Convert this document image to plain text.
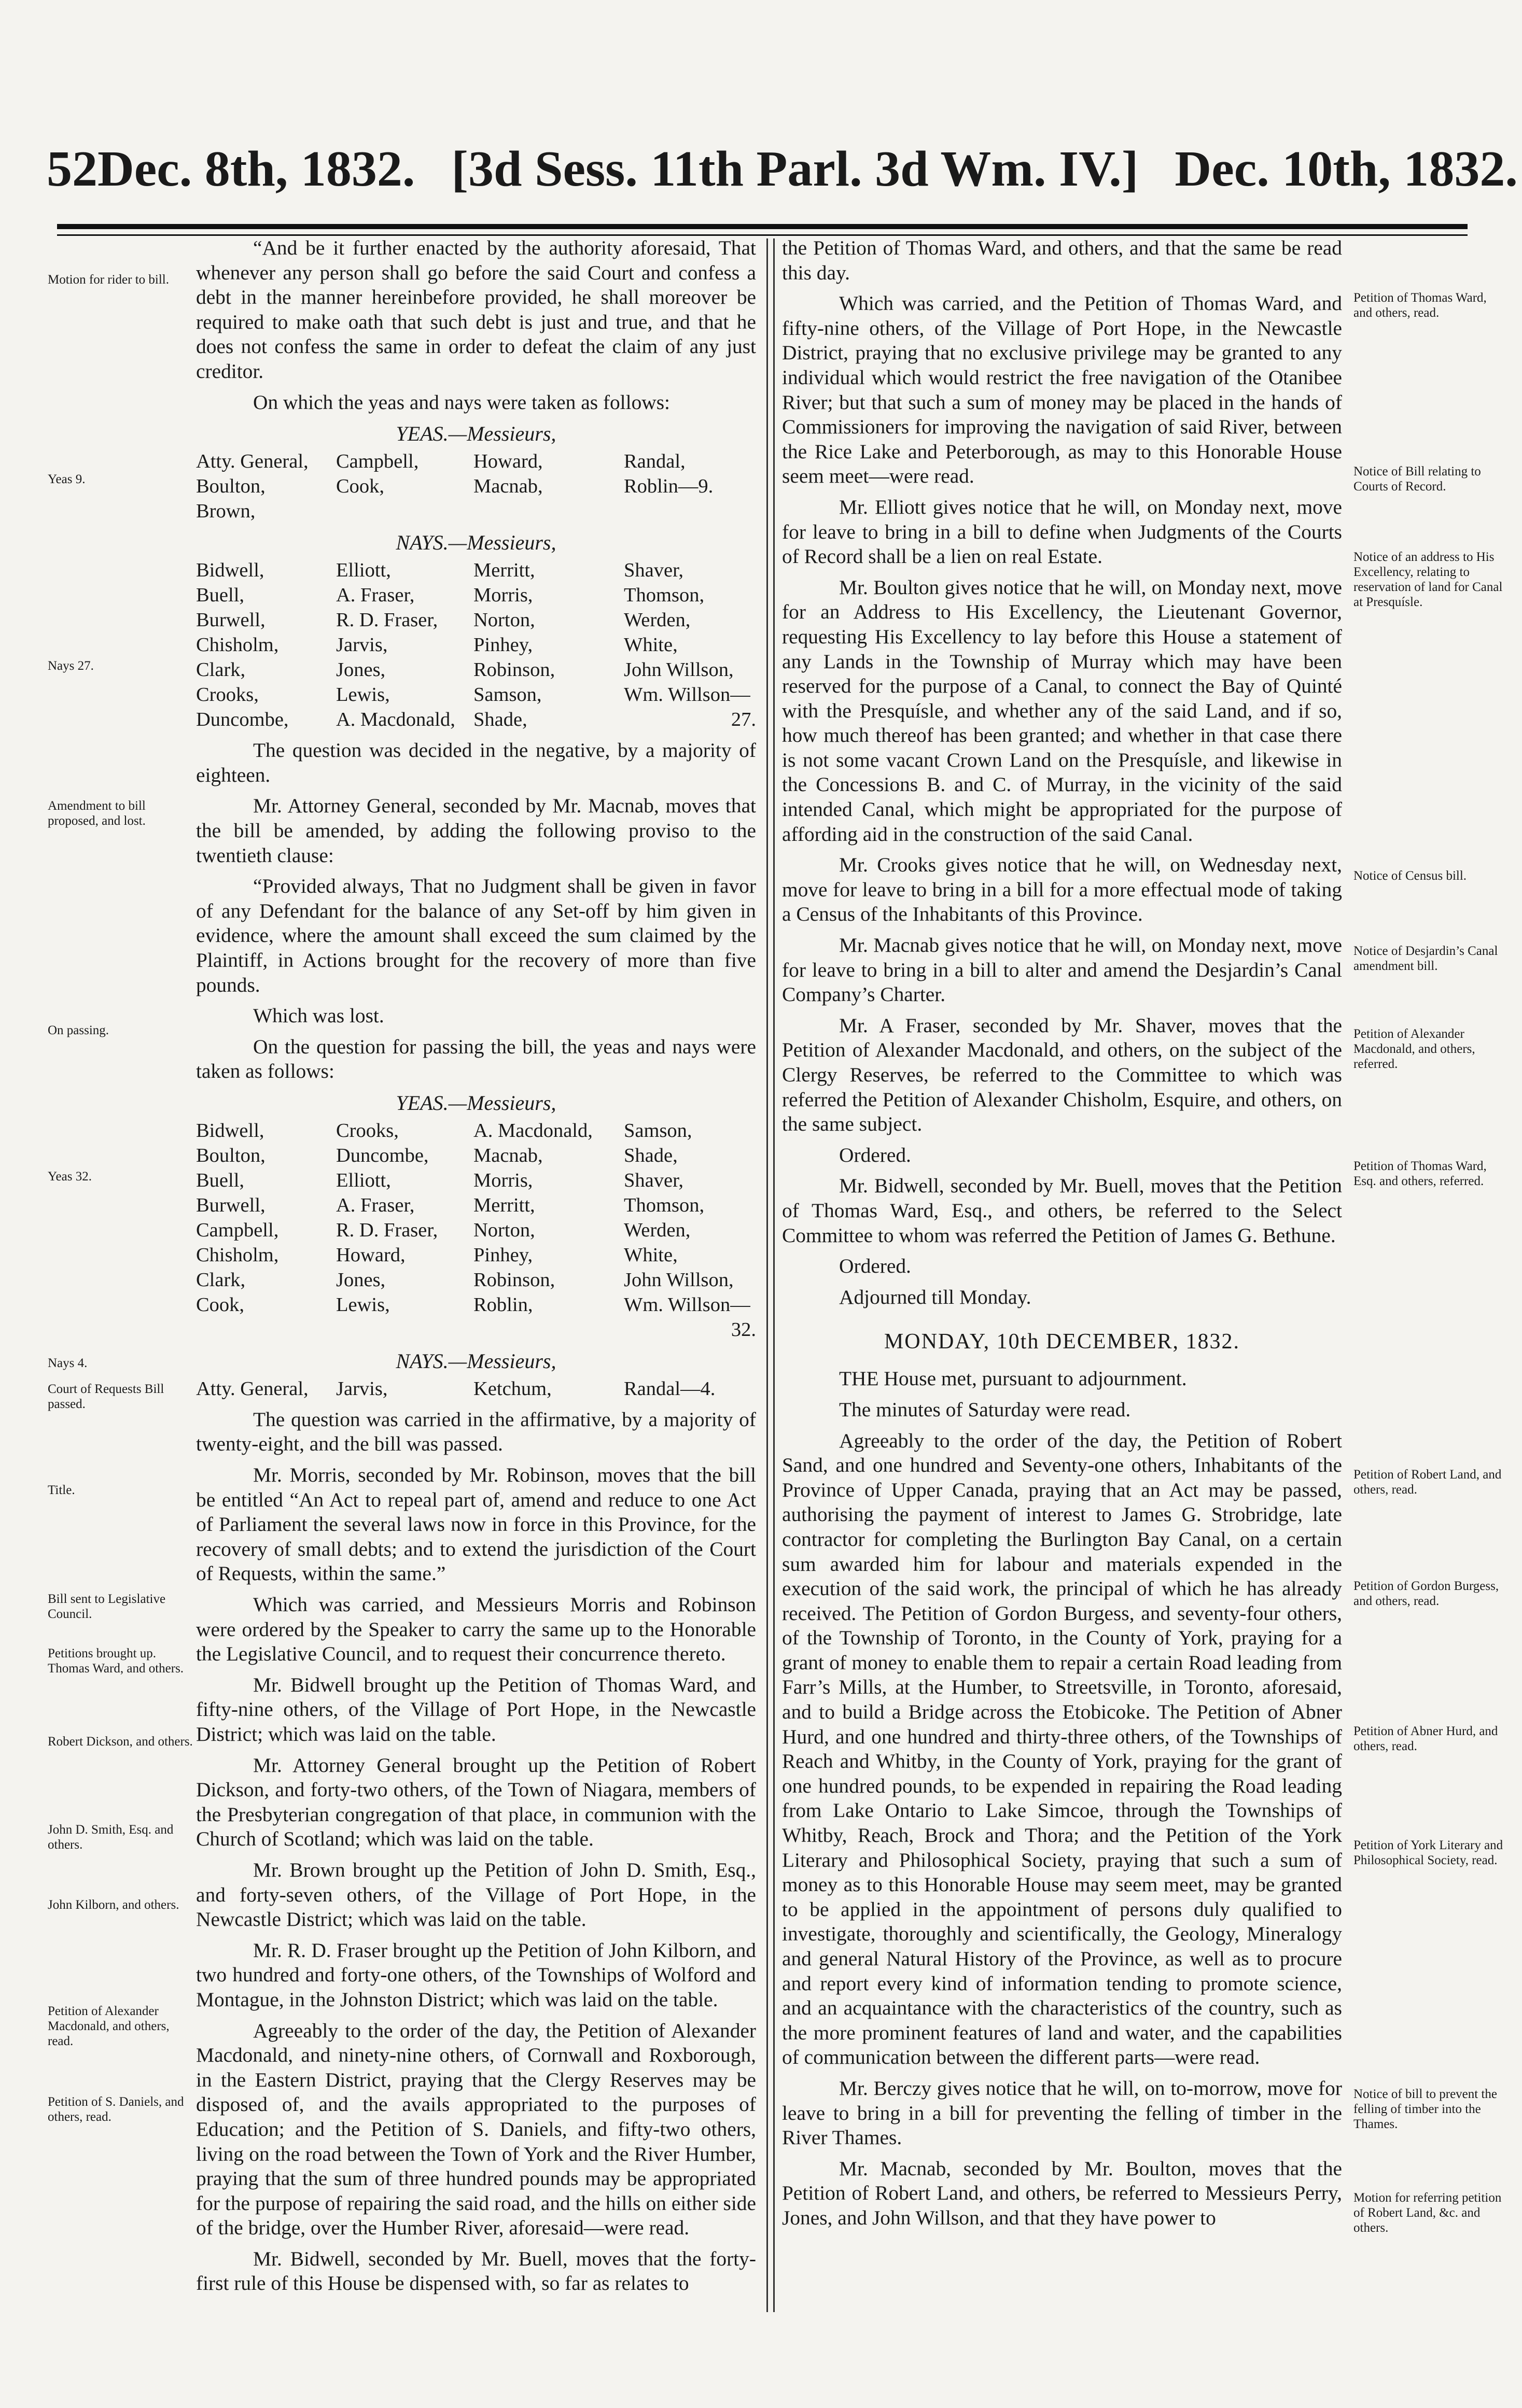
52 Dec. 8th, 1832. [3d Sess. 11th Parl. 3d Wm. IV.] Dec. 10th, 1832.
Motion for rider to bill.
Yeas 9.
Nays 27.
Amendment to bill proposed, and lost.
On passing.
Yeas 32.
Nays 4.
Court of Requests Bill passed.
Title.
Bill sent to Legislative Council.
Petitions brought up. Thomas Ward, and others.
Robert Dickson, and others.
John D. Smith, Esq. and others.
John Kilborn, and others.
Petition of Alexander Macdonald, and others, read.
Petition of S. Daniels, and others, read.

“And be it further enacted by the authority aforesaid, That whenever any person shall go before the said Court and confess a debt in the manner hereinbefore provided, he shall moreover be required to make oath that such debt is just and true, and that he does not confess the same in order to defeat the claim of any just creditor.

On which the yeas and nays were taken as follows:

YEAS.—Messieurs,
Atty. General,	Campbell,	Howard,	Randal,
Boulton,	Cook,	Macnab,	Roblin—9.
Brown,
NAYS.—Messieurs,
Bidwell,	Elliott,	Merritt,	Shaver,
Buell,	A. Fraser,	Morris,	Thomson,
Burwell,	R. D. Fraser,	Norton,	Werden,
Chisholm,	Jarvis,	Pinhey,	White,
Clark,	Jones,	Robinson,	John Willson,
Crooks,	Lewis,	Samson,	Wm. Willson—
Duncombe,	A. Macdonald, Shade,	27.

The question was decided in the negative, by a majority of eighteen.

Mr. Attorney General, seconded by Mr. Macnab, moves that the bill be amended, by adding the following proviso to the twentieth clause:

“Provided always, That no Judgment shall be given in favor of any Defendant for the balance of any Set-off by him given in evidence, where the amount shall exceed the sum claimed by the Plaintiff, in Actions brought for the recovery of more than five pounds.

Which was lost.

On the question for passing the bill, the yeas and nays were taken as follows:

YEAS.—Messieurs,
Bidwell,	Crooks,	A. Macdonald,	Samson,
Boulton,	Duncombe,	Macnab,	Shade,
Buell,	Elliott,	Morris,	Shaver,
Burwell,	A. Fraser,	Merritt,	Thomson,
Campbell,	R. D. Fraser,	Norton,	Werden,
Chisholm,	Howard,	Pinhey,	White,
Clark,	Jones,	Robinson,	John Willson,
Cook,	Lewis,	Roblin,	Wm. Willson—
32.
NAYS.—Messieurs,
Atty. General,	Jarvis,	Ketchum,	Randal—4.

The question was carried in the affirmative, by a majority of twenty-eight, and the bill was passed.

Mr. Morris, seconded by Mr. Robinson, moves that the bill be entitled “An Act to repeal part of, amend and reduce to one Act of Parliament the several laws now in force in this Province, for the recovery of small debts; and to extend the jurisdiction of the Court of Requests, within the same.”

Which was carried, and Messieurs Morris and Robinson were ordered by the Speaker to carry the same up to the Honorable the Legislative Council, and to request their concurrence thereto.

Mr. Bidwell brought up the Petition of Thomas Ward, and fifty-nine others, of the Village of Port Hope, in the Newcastle District; which was laid on the table.

Mr. Attorney General brought up the Petition of Robert Dickson, and forty-two others, of the Town of Niagara, members of the Presbyterian congregation of that place, in communion with the Church of Scotland; which was laid on the table.

Mr. Brown brought up the Petition of John D. Smith, Esq., and forty-seven others, of the Village of Port Hope, in the Newcastle District; which was laid on the table.

Mr. R. D. Fraser brought up the Petition of John Kilborn, and two hundred and forty-one others, of the Townships of Wolford and Montague, in the Johnston District; which was laid on the table.

Agreeably to the order of the day, the Petition of Alexander Macdonald, and ninety-nine others, of Cornwall and Roxborough, in the Eastern District, praying that the Clergy Reserves may be disposed of, and the avails appropriated to the purposes of Education; and the Petition of S. Daniels, and fifty-two others, living on the road between the Town of York and the River Humber, praying that the sum of three hundred pounds may be appropriated for the purpose of repairing the said road, and the hills on either side of the bridge, over the Humber River, aforesaid—were read.

Mr. Bidwell, seconded by Mr. Buell, moves that the forty-first rule of this House be dispensed with, so far as relates to

the Petition of Thomas Ward, and others, and that the same be read this day.

Which was carried, and the Petition of Thomas Ward, and fifty-nine others, of the Village of Port Hope, in the Newcastle District, praying that no exclusive privilege may be granted to any individual which would restrict the free navigation of the Otanibee River; but that such a sum of money may be placed in the hands of Commissioners for improving the navigation of said River, between the Rice Lake and Peterborough, as may to this Honorable House seem meet—were read.

Mr. Elliott gives notice that he will, on Monday next, move for leave to bring in a bill to define when Judgments of the Courts of Record shall be a lien on real Estate.

Mr. Boulton gives notice that he will, on Monday next, move for an Address to His Excellency, the Lieutenant Governor, requesting His Excellency to lay before this House a statement of any Lands in the Township of Murray which may have been reserved for the purpose of a Canal, to connect the Bay of Quinté with the Presquísle, and whether any of the said Land, and if so, how much thereof has been granted; and whether in that case there is not some vacant Crown Land on the Presquísle, and likewise in the Concessions B. and C. of Murray, in the vicinity of the said intended Canal, which might be appropriated for the purpose of affording aid in the construction of the said Canal.

Mr. Crooks gives notice that he will, on Wednesday next, move for leave to bring in a bill for a more effectual mode of taking a Census of the Inhabitants of this Province.

Mr. Macnab gives notice that he will, on Monday next, move for leave to bring in a bill to alter and amend the Desjardin’s Canal Company’s Charter.

Mr. A Fraser, seconded by Mr. Shaver, moves that the Petition of Alexander Macdonald, and others, on the subject of the Clergy Reserves, be referred to the Committee to which was referred the Petition of Alexander Chisholm, Esquire, and others, on the same subject.

Ordered.

Mr. Bidwell, seconded by Mr. Buell, moves that the Petition of Thomas Ward, Esq., and others, be referred to the Select Committee to whom was referred the Petition of James G. Bethune.

Ordered.

Adjourned till Monday.

MONDAY, 10th DECEMBER, 1832.

THE House met, pursuant to adjournment.

The minutes of Saturday were read.

Agreeably to the order of the day, the Petition of Robert Sand, and one hundred and Seventy-one others, Inhabitants of the Province of Upper Canada, praying that an Act may be passed, authorising the payment of interest to James G. Strobridge, late contractor for completing the Burlington Bay Canal, on a certain sum awarded him for labour and materials expended in the execution of the said work, the principal of which he has already received. The Petition of Gordon Burgess, and seventy-four others, of the Township of Toronto, in the County of York, praying for a grant of money to enable them to repair a certain Road leading from Farr’s Mills, at the Humber, to Streetsville, in Toronto, aforesaid, and to build a Bridge across the Etobicoke. The Petition of Abner Hurd, and one hundred and thirty-three others, of the Townships of Reach and Whitby, in the County of York, praying for the grant of one hundred pounds, to be expended in repairing the Road leading from Lake Ontario to Lake Simcoe, through the Townships of Whitby, Reach, Brock and Thora; and the Petition of the York Literary and Philosophical Society, praying that such a sum of money as to this Honorable House may seem meet, may be granted to be applied in the appointment of persons duly qualified to investigate, thoroughly and scientifically, the Geology, Mineralogy and general Natural History of the Province, as well as to procure and report every kind of information tending to promote science, and an acquaintance with the characteristics of the country, such as the more prominent features of land and water, and the capabilities of communication between the different parts—were read.

Mr. Berczy gives notice that he will, on to-morrow, move for leave to bring in a bill for preventing the felling of timber in the River Thames.

Mr. Macnab, seconded by Mr. Boulton, moves that the Petition of Robert Land, and others, be referred to Messieurs Perry, Jones, and John Willson, and that they have power to

Petition of Thomas Ward, and others, read.
Notice of Bill relating to Courts of Record.
Notice of an address to His Excellency, relating to reservation of land for Canal at Presquísle.
Notice of Census bill.
Notice of Desjardin’s Canal amendment bill.
Petition of Alexander Macdonald, and others, referred.
Petition of Thomas Ward, Esq. and others, referred.
Petition of Robert Land, and others, read.
Petition of Gordon Burgess, and others, read.
Petition of Abner Hurd, and others, read.
Petition of York Literary and Philosophical Society, read.
Notice of bill to prevent the felling of timber into the Thames.
Motion for referring petition of Robert Land, &c. and others.
